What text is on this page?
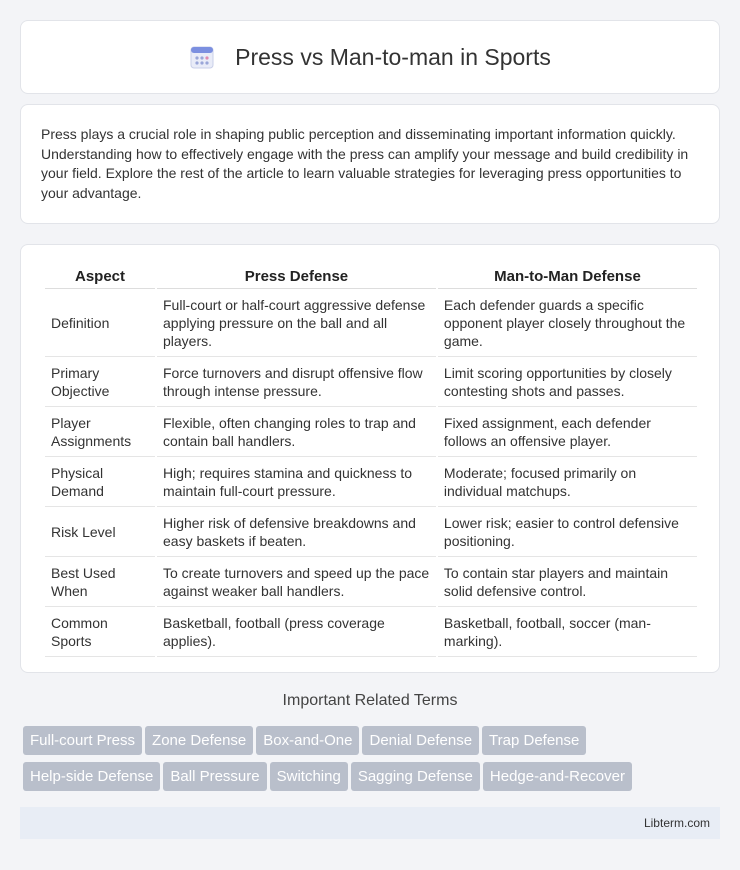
Press vs Man-to-man in Sports

Press plays a crucial role in shaping public perception and disseminating important information quickly. Understanding how to effectively engage with the press can amplify your message and build credibility in your field. Explore the rest of the article to learn valuable strategies for leveraging press opportunities to your advantage.

Aspect	Press Defense	Man-to-Man Defense
Definition	Full-court or half-court aggressive defense applying pressure on the ball and all players.	Each defender guards a specific opponent player closely throughout the game.
Primary Objective	Force turnovers and disrupt offensive flow through intense pressure.	Limit scoring opportunities by closely contesting shots and passes.
Player Assignments	Flexible, often changing roles to trap and contain ball handlers.	Fixed assignment, each defender follows an offensive player.
Physical Demand	High; requires stamina and quickness to maintain full-court pressure.	Moderate; focused primarily on individual matchups.
Risk Level	Higher risk of defensive breakdowns and easy baskets if beaten.	Lower risk; easier to control defensive positioning.
Best Used When	To create turnovers and speed up the pace against weaker ball handlers.	To contain star players and maintain solid defensive control.
Common Sports	Basketball, football (press coverage applies).	Basketball, football, soccer (man-marking).
Important Related Terms
Full-court Press Zone Defense Box-and-One Denial Defense Trap DefenseHelp-side Defense Ball Pressure Switching Sagging Defense Hedge-and-Recover
Libterm.com
